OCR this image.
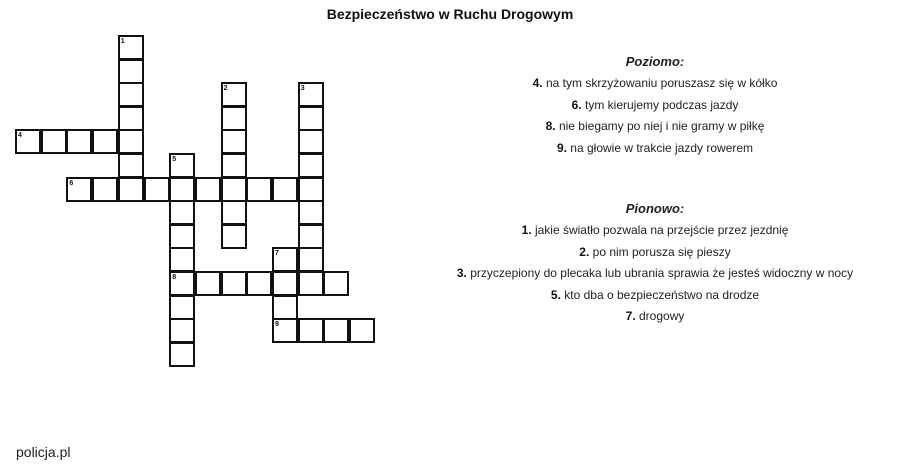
Bezpieczeństwo w Ruchu Drogowym
1
2	3
4
5
6
7
8
9
Poziomo:
4. na tym skrzyżowaniu poruszasz się w kółko
6. tym kierujemy podczas jazdy
8. nie biegamy po niej i nie gramy w piłkę
9. na głowie w trakcie jazdy rowerem
Pionowo:
1. jakie światło pozwala na przejście przez jezdnię
2. po nim porusza się pieszy
3. przyczepiony do plecaka lub ubrania sprawia że jesteś widoczny w nocy
5. kto dba o bezpieczeństwo na drodze
7. drogowy
policja.pl
